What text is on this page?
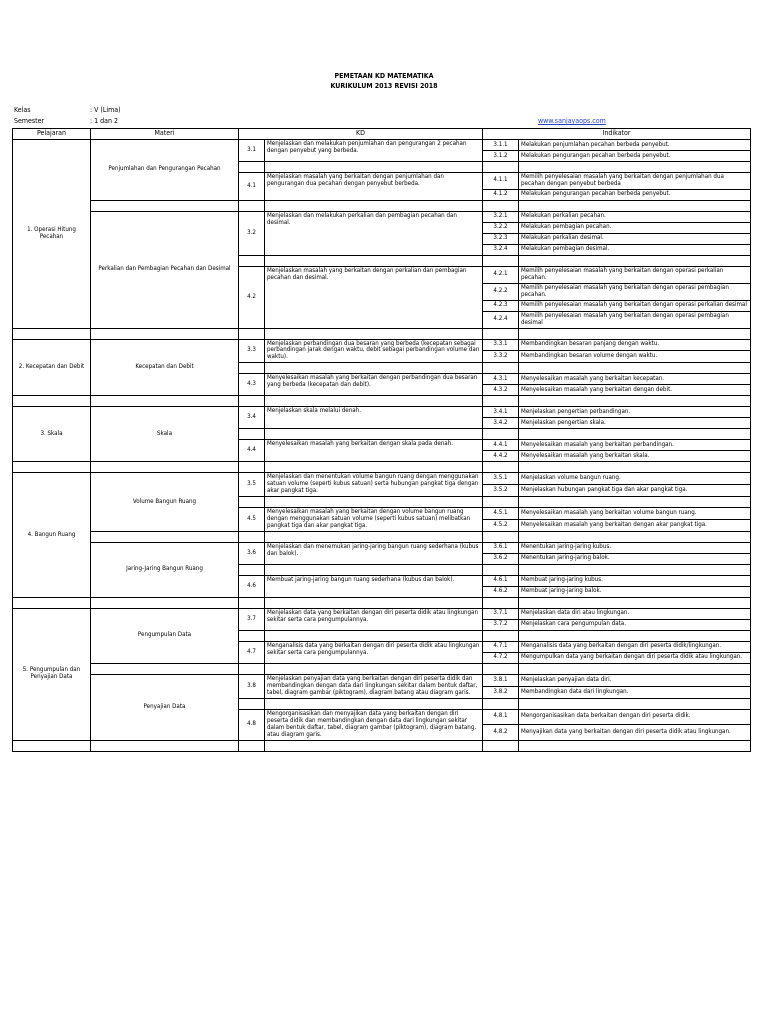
PEMETAAN KD MATEMATIKA
KURIKULUM 2013 REVISI 2018
Kelas	: V (Lima)
Semester	: 1 dan 2	www.sanjayaops.com
Pelajaran	Materi	KD		Indikator	
1. Operasi Hitung Pecahan	Penjumlahan dan Pengurangan Pecahan	3.1	Menjelaskan dan melakukan penjumlahan dan pengurangan 2 pecahan dengan penyebut yang berbeda.	3.1.1	Melakukan penjumlahan pecahan berbeda penyebut.
				3.1.2	Melakukan pengurangan pecahan berbeda penyebut.

		4.1	Menjelaskan masalah yang berkaitan dengan penjumlahan dan pengurangan dua pecahan dengan penyebut berbeda.	4.1.1	Memilih penyelesaian masalah yang berkaitan dengan penjumlahan dua pecahan dengan penyebut berbeda
				4.1.2	Melakukan pengurangan pecahan berbeda penyebut.

	Perkalian dan Pembagian Pecahan dan Desimal	3.2	Menjelaskan dan melakukan perkalian dan pembagian pecahan dan desimal.	3.2.1	Melakukan perkalian pecahan.
				3.2.2	Melakukan pembagian pecahan.
				3.2.3	Melakukan perkalian desimal.
				3.2.4	Melakukan pembagian desimal.

		4.2	Menjelaskan masalah yang berkaitan dengan perkalian dan pembagian pecahan dan desimal.	4.2.1	Memilih penyelesaian masalah yang berkaitan dengan operasi perkalian pecahan.
				4.2.2	Memilih penyelesaian masalah yang berkaitan dengan operasi pembagian pecahan.
				4.2.3	Memilih penyelesaian masalah yang berkaitan dengan operasi perkalian desimal
				4.2.4	Memilih penyelesaian masalah yang berkaitan dengan operasi pembagian desimal

2. Kecepatan dan Debit	Kecepatan dan Debit	3.3	Menjelaskan perbandingan dua besaran yang berbeda (kecepatan sebagai perbandingan jarak dengan waktu, debit sebagai perbandingan volume dan waktu).	3.3.1	Membandingkan besaran panjang dengan waktu.
				3.3.2	Membandingkan besaran volume dengan waktu.

		4.3	Menyelesaikan masalah yang berkaitan dengan perbandingan dua besaran yang berbeda (kecepatan dan debit).	4.3.1	Menyelesaikan masalah yang berkaitan kecepatan.
				4.3.2	Menyelesaikan masalah yang berkaitan dengan debit.

3. Skala	Skala	3.4	Menjelaskan skala melalui denah.	3.4.1	Menjelaskan pengertian perbandingan.
				3.4.2	Menjelaskan pengertian skala.

		4.4	Menyelesaikan masalah yang berkaitan dengan skala pada denah.	4.4.1	Menyelesaikan masalah yang berkaitan perbandingan.
				4.4.2	Menyelesaikan masalah yang berkaitan skala.

4. Bangun Ruang	Volume Bangun Ruang	3.5	Menjelaskan dan menentukan volume bangun ruang dengan menggunakan satuan volume (seperti kubus satuan) serta hubungan pangkat tiga dengan akar pangkat tiga.	3.5.1	Menjelaskan volume bangun ruang.
				3.5.2	Menjelaskan hubungan pangkat tiga dan akar pangkat tiga.

		4.5	Menyelesaikan masalah yang berkaitan dengan volume bangun ruang dengan menggunakan satuan volume (seperti kubus satuan) melibatkan pangkat tiga dan akar pangkat tiga.	4.5.1	Menyelesaikan masalah yang berkaitan volume bangun ruang.
				4.5.2	Menyelesaikan masalah yang berkaitan dengan akar pangkat tiga.

	Jaring-Jaring Bangun Ruang	3.6	Menjelaskan dan menemukan jaring-jaring bangun ruang sederhana (kubus dan balok).	3.6.1	Menentukan jaring-jaring kubus.
				3.6.2	Menentukan jaring-jaring balok.

		4.6	Membuat jaring-jaring bangun ruang sederhana (kubus dan balok).	4.6.1	Membuat jaring-jaring kubus.
				4.6.2	Membuat jaring-jaring balok.

5. Pengumpulan dan Penyajian Data	Pengumpulan Data	3.7	Menjelaskan data yang berkaitan dengan diri peserta didik atau lingkungan sekitar serta cara pengumpulannya.	3.7.1	Menjelaskan data diri atau lingkungan.
				3.7.2	Menjelaskan cara pengumpulan data.

		4.7	Menganalisis data yang berkaitan dengan diri peserta didik atau lingkungan sekitar serta cara pengumpulannya.	4.7.1	Menganalisis data yang berkaitan dengan diri peserta didik/lingkungan.
				4.7.2	Mengumpulkan data yang berkaitan dengan diri peserta didik atau lingkungan.

	Penyajian Data	3.8	Menjelaskan penyajian data yang berkaitan dengan diri peserta didik dan membandingkan dengan data dari lingkungan sekitar dalam bentuk daftar, tabel, diagram gambar (piktogram), diagram batang atau diagram garis.	3.8.1	Menjelaskan penyajian data diri.
				3.8.2	Membandingkan data dari lingkungan.

		4.8	Mengorganisasikan dan menyajikan data yang berkaitan dengan diri peserta didik dan membandingkan dengan data dari lingkungan sekitar dalam bentuk daftar, tabel, diagram gambar (piktogram), diagram batang, atau diagram garis.	4.8.1	Mengorganisasikan data berkaitan dengan diri peserta didik.
				4.8.2	Menyajikan data yang berkaitan dengan diri peserta didik atau lingkungan.
